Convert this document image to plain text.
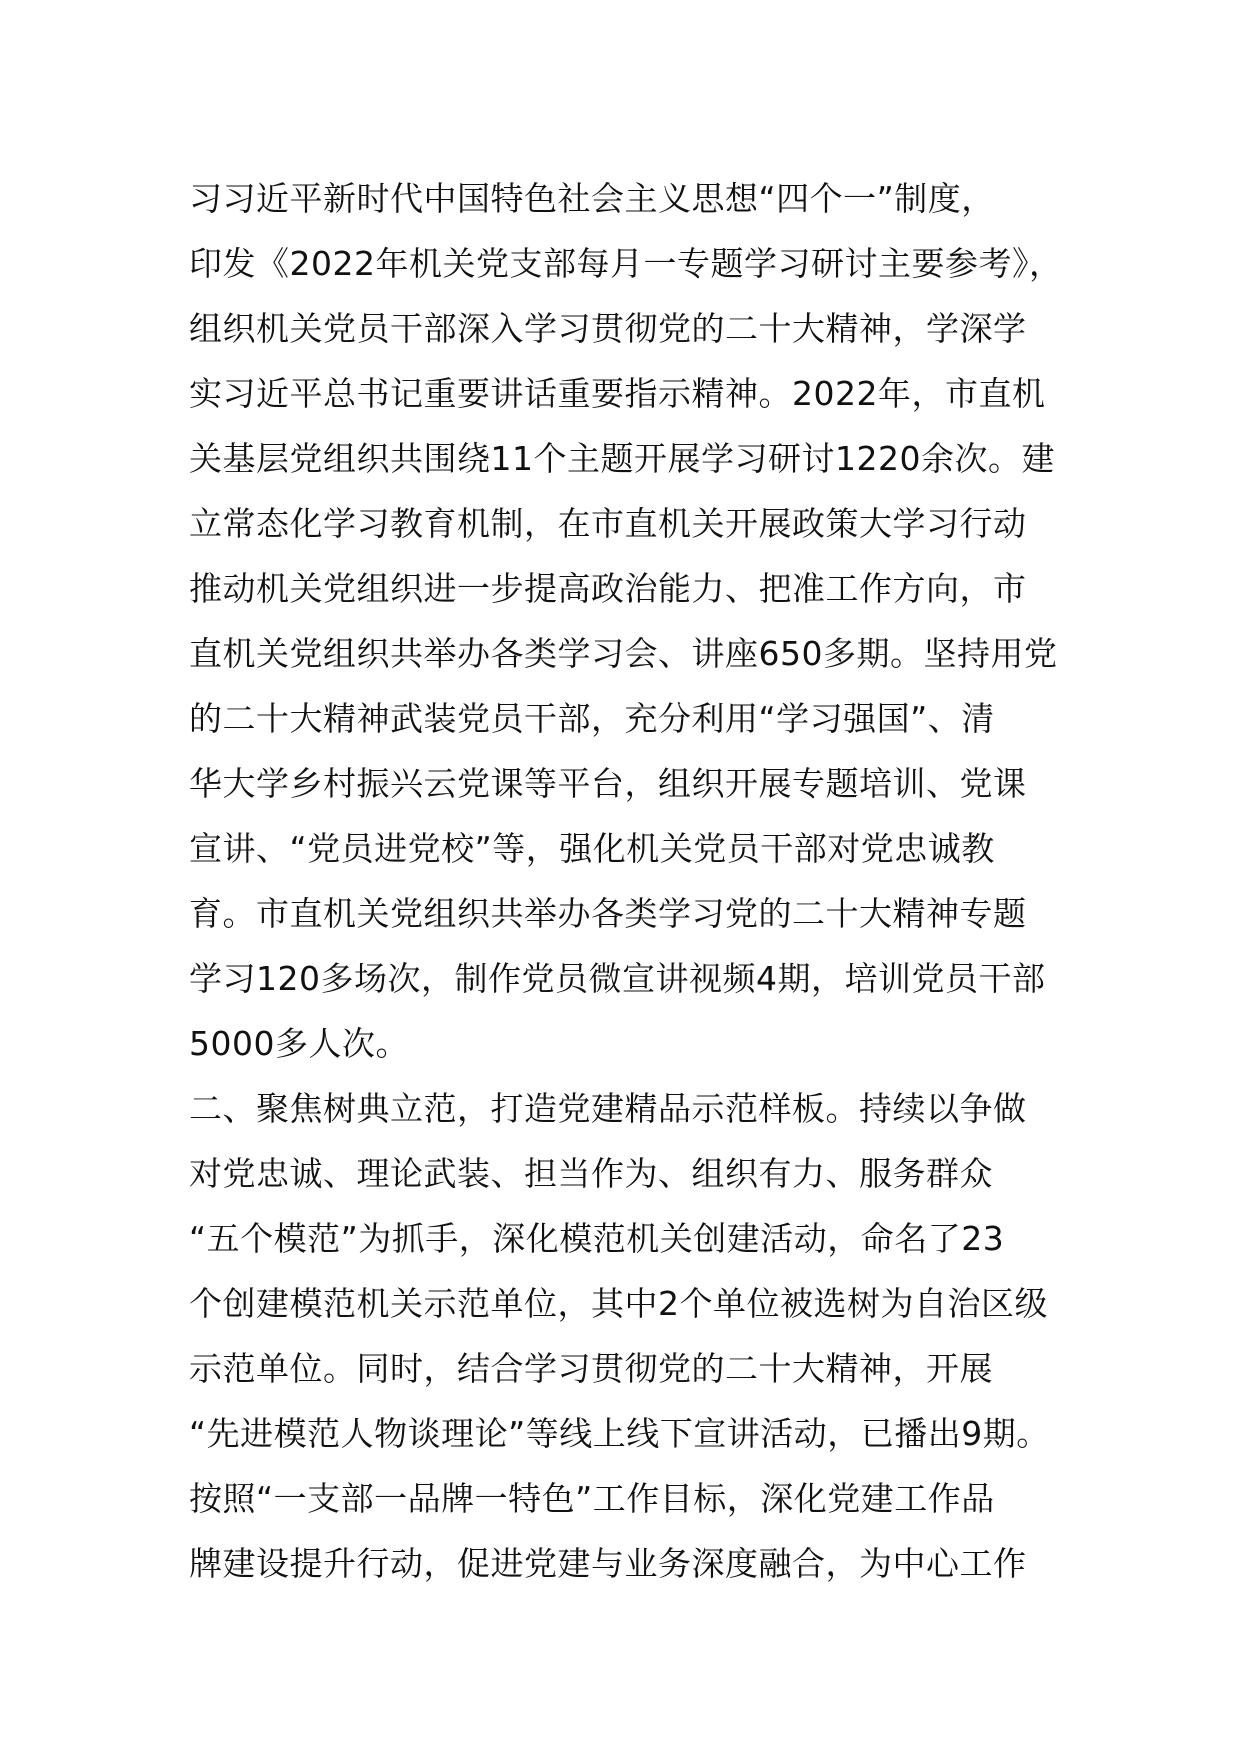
习习近平新时代中国特色社会主义思想“四个一”制度，
印发《2022年机关党支部每月一专题学习研讨主要参考》，
组织机关党员干部深入学习贯彻党的二十大精神，学深学
实习近平总书记重要讲话重要指示精神。2022年，市直机
关基层党组织共围绕11个主题开展学习研讨1220余次。建
立常态化学习教育机制，在市直机关开展政策大学习行动
推动机关党组织进一步提高政治能力、把准工作方向，市
直机关党组织共举办各类学习会、讲座650多期。坚持用党
的二十大精神武装党员干部，充分利用“学习强国”、清
华大学乡村振兴云党课等平台，组织开展专题培训、党课
宣讲、“党员进党校”等，强化机关党员干部对党忠诚教
育。市直机关党组织共举办各类学习党的二十大精神专题
学习120多场次，制作党员微宣讲视频4期，培训党员干部
5000多人次。
二、聚焦树典立范，打造党建精品示范样板。持续以争做
对党忠诚、理论武装、担当作为、组织有力、服务群众
“五个模范”为抓手，深化模范机关创建活动，命名了23
个创建模范机关示范单位，其中2个单位被选树为自治区级
示范单位。同时，结合学习贯彻党的二十大精神，开展
“先进模范人物谈理论”等线上线下宣讲活动，已播出9期。
按照“一支部一品牌一特色”工作目标，深化党建工作品
牌建设提升行动，促进党建与业务深度融合，为中心工作
